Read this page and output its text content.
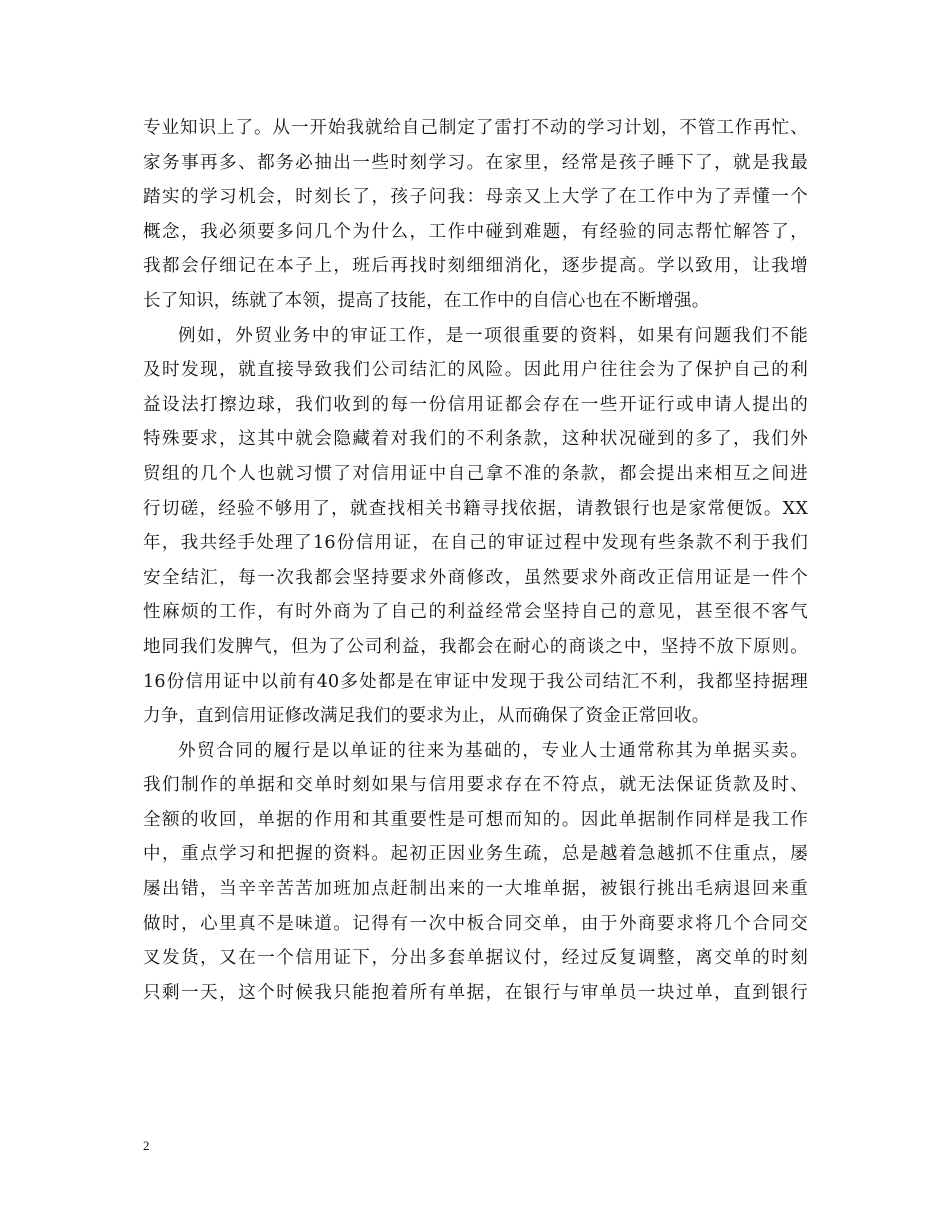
专业知识上了。从一开始我就给自己制定了雷打不动的学习计划，不管工作再忙、
家务事再多、都务必抽出一些时刻学习。在家里，经常是孩子睡下了，就是我最
踏实的学习机会，时刻长了，孩子问我：母亲又上大学了在工作中为了弄懂一个
概念，我必须要多问几个为什么，工作中碰到难题，有经验的同志帮忙解答了，
我都会仔细记在本子上，班后再找时刻细细消化，逐步提高。学以致用，让我增
长了知识，练就了本领，提高了技能，在工作中的自信心也在不断增强。
例如，外贸业务中的审证工作，是一项很重要的资料，如果有问题我们不能
及时发现，就直接导致我们公司结汇的风险。因此用户往往会为了保护自己的利
益设法打擦边球，我们收到的每一份信用证都会存在一些开证行或申请人提出的
特殊要求，这其中就会隐藏着对我们的不利条款，这种状况碰到的多了，我们外
贸组的几个人也就习惯了对信用证中自己拿不准的条款，都会提出来相互之间进
行切磋，经验不够用了，就查找相关书籍寻找依据，请教银行也是家常便饭。XX
年，我共经手处理了16份信用证，在自己的审证过程中发现有些条款不利于我们
安全结汇，每一次我都会坚持要求外商修改，虽然要求外商改正信用证是一件个
性麻烦的工作，有时外商为了自己的利益经常会坚持自己的意见，甚至很不客气
地同我们发脾气，但为了公司利益，我都会在耐心的商谈之中，坚持不放下原则。
16份信用证中以前有40多处都是在审证中发现于我公司结汇不利，我都坚持据理
力争，直到信用证修改满足我们的要求为止，从而确保了资金正常回收。
外贸合同的履行是以单证的往来为基础的，专业人士通常称其为单据买卖。
我们制作的单据和交单时刻如果与信用要求存在不符点，就无法保证货款及时、
全额的收回，单据的作用和其重要性是可想而知的。因此单据制作同样是我工作
中，重点学习和把握的资料。起初正因业务生疏，总是越着急越抓不住重点，屡
屡出错，当辛辛苦苦加班加点赶制出来的一大堆单据，被银行挑出毛病退回来重
做时，心里真不是味道。记得有一次中板合同交单，由于外商要求将几个合同交
叉发货，又在一个信用证下，分出多套单据议付，经过反复调整，离交单的时刻
只剩一天，这个时候我只能抱着所有单据，在银行与审单员一块过单，直到银行
2
